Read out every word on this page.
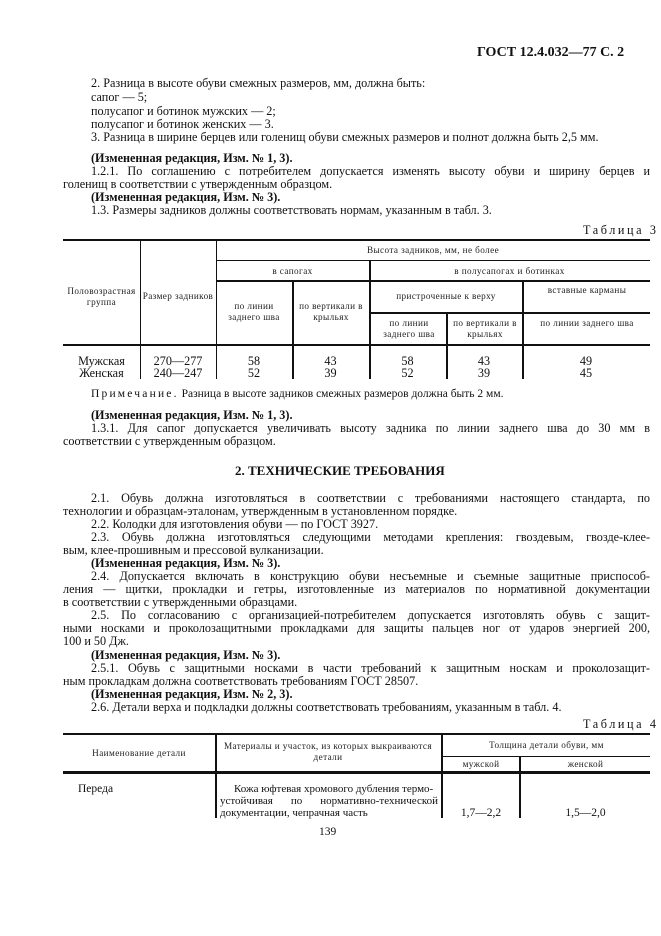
ГОСТ 12.4.032—77 С. 2
2. Разница в высоте обуви смежных размеров, мм, должна быть:
сапог — 5;
полусапог и ботинок мужских — 2;
полусапог и ботинок женских — 3.
3. Разница в ширине берцев или голенищ обуви смежных размеров и полнот должна быть 2,5 мм.
(Измененная редакция, Изм. № 1, 3).
1.2.1. По соглашению с потребителем допускается изменять высоту обуви и ширину берцев и
голенищ в соответствии с утвержденным образцом.
(Измененная редакция, Изм. № 3).
1.3. Размеры задников должны соответствовать нормам, указанным в табл. 3.
Таблица 3
Половозрастная группа
Размер задников
Высота задников, мм, не более
в сапогах	в полусапогах и ботинках
по линии заднего шва
по вертикали в крыльях
пристроченные к верху
вставные карманы
по линии заднего шва
по вертикали в крыльях
по линии заднего шва
Мужская	270—277	58	43	58	43	49
Женская	240—247	52	39	52	39	45
Примечание. Разница в высоте задников смежных размеров должна быть 2 мм.
(Измененная редакция, Изм. № 1, 3).
1.3.1. Для сапог допускается увеличивать высоту задника по линии заднего шва до 30 мм в
соответствии с утвержденным образцом.
2. ТЕХНИЧЕСКИЕ ТРЕБОВАНИЯ
2.1. Обувь должна изготовляться в соответствии с требованиями настоящего стандарта, по
технологии и образцам-эталонам, утвержденным в установленном порядке.
2.2. Колодки для изготовления обуви — по ГОСТ 3927.
2.3. Обувь должна изготовляться следующими методами крепления: гвоздевым, гвозде-клее-
вым, клее-прошивным и прессовой вулканизации.
(Измененная редакция, Изм. № 3).
2.4. Допускается включать в конструкцию обуви несъемные и съемные защитные приспособ-
ления — щитки, прокладки и гетры, изготовленные из материалов по нормативной документации
в соответствии с утвержденными образцами.
2.5. По согласованию с организацией-потребителем допускается изготовлять обувь с защит-
ными носками и проколозащитными прокладками для защиты пальцев ног от ударов энергией 200,
100 и 50 Дж.
(Измененная редакция, Изм. № 3).
2.5.1. Обувь с защитными носками в части требований к защитным носкам и проколозащит-
ным прокладкам должна соответствовать требованиям ГОСТ 28507.
(Измененная редакция, Изм. № 2, 3).
2.6. Детали верха и подкладки должны соответствовать требованиям, указанным в табл. 4.
Таблица 4
Наименование детали
Материалы и участок, из которых выкраиваются детали
Толщина детали обуви, мм
мужской	женской
Переда	Кожа юфтевая хромового дубления термо-
устойчивая по нормативно-технической
документации, чепрачная часть	1,7—2,2	1,5—2,0
139
